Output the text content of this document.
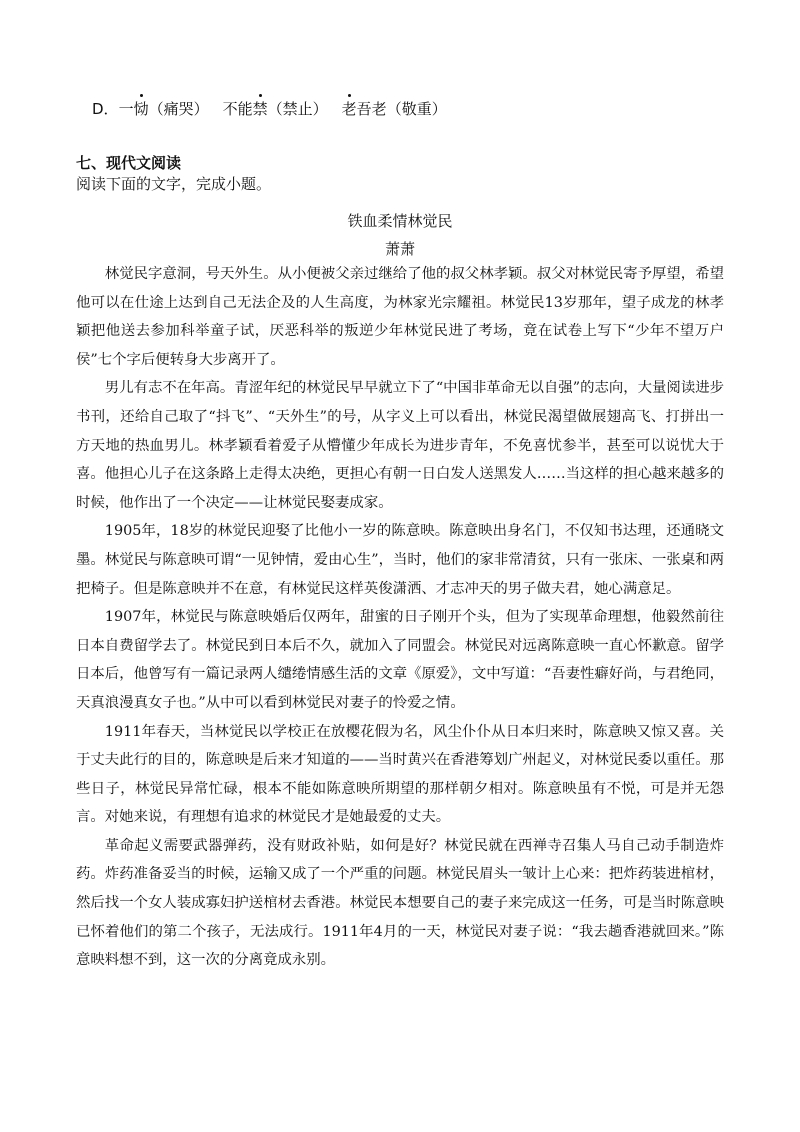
D．一恸（痛哭） 不能禁（禁止） 老吾老（敬重）
七、现代文阅读
阅读下面的文字，完成小题。
铁血柔情林觉民
萧萧

林觉民字意洞，号天外生。从小便被父亲过继给了他的叔父林孝颖。叔父对林觉民寄予厚望，希望他可以在仕途上达到自己无法企及的人生高度，为林家光宗耀祖。林觉民13岁那年，望子成龙的林孝颖把他送去参加科举童子试，厌恶科举的叛逆少年林觉民进了考场，竟在试卷上写下“少年不望万户侯”七个字后便转身大步离开了。

男儿有志不在年高。青涩年纪的林觉民早早就立下了“中国非革命无以自强”的志向，大量阅读进步书刊，还给自己取了“抖飞”、“天外生”的号，从字义上可以看出，林觉民渴望做展翅高飞、打拼出一方天地的热血男儿。林孝颖看着爱子从懵懂少年成长为进步青年，不免喜忧参半，甚至可以说忧大于喜。他担心儿子在这条路上走得太决绝，更担心有朝一日白发人送黑发人……当这样的担心越来越多的时候，他作出了一个决定——让林觉民娶妻成家。

1905年，18岁的林觉民迎娶了比他小一岁的陈意映。陈意映出身名门，不仅知书达理，还通晓文墨。林觉民与陈意映可谓“一见钟情，爱由心生”，当时，他们的家非常清贫，只有一张床、一张桌和两把椅子。但是陈意映并不在意，有林觉民这样英俊潇洒、才志冲天的男子做夫君，她心满意足。

1907年，林觉民与陈意映婚后仅两年，甜蜜的日子刚开个头，但为了实现革命理想，他毅然前往日本自费留学去了。林觉民到日本后不久，就加入了同盟会。林觉民对远离陈意映一直心怀歉意。留学日本后，他曾写有一篇记录两人缱绻情感生活的文章《原爱》，文中写道：“吾妻性癖好尚，与君绝同，天真浪漫真女子也。”从中可以看到林觉民对妻子的怜爱之情。

1911年春天，当林觉民以学校正在放樱花假为名，风尘仆仆从日本归来时，陈意映又惊又喜。关于丈夫此行的目的，陈意映是后来才知道的——当时黄兴在香港筹划广州起义，对林觉民委以重任。那些日子，林觉民异常忙碌，根本不能如陈意映所期望的那样朝夕相对。陈意映虽有不悦，可是并无怨言。对她来说，有理想有追求的林觉民才是她最爱的丈夫。

革命起义需要武器弹药，没有财政补贴，如何是好？林觉民就在西禅寺召集人马自己动手制造炸药。炸药准备妥当的时候，运输又成了一个严重的问题。林觉民眉头一皱计上心来：把炸药装进棺材，然后找一个女人装成寡妇护送棺材去香港。林觉民本想要自己的妻子来完成这一任务，可是当时陈意映已怀着他们的第二个孩子，无法成行。1911年4月的一天，林觉民对妻子说：“我去趟香港就回来。”陈意映料想不到，这一次的分离竟成永别。
